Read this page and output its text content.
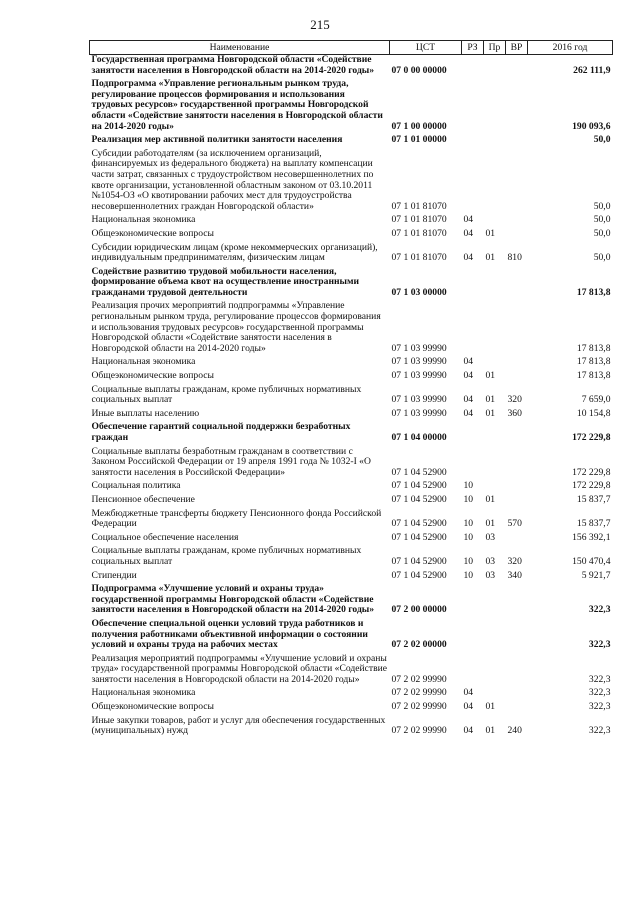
215
Наименование	ЦСТ	РЗ	Пр	ВР	2016 год
Государственная программа Новгородской области «Содействие занятости населения в Новгородской области на 2014-2020 годы»	07 0 00 00000				262 111,9
Подпрограмма «Управление региональным рынком труда, регулирование процессов формирования и использования трудовых ресурсов» государственной программы Новгородской области «Содействие занятости населения в Новгородской области на 2014-2020 годы»	07 1 00 00000				190 093,6
Реализация мер активной политики занятости населения	07 1 01 00000				50,0
Субсидии работодателям (за исключением организаций, финансируемых из федерального бюджета) на выплату компенсации части затрат, связанных с трудоустройством несовершеннолетних по квоте организации, установленной областным законом от 03.10.2011 №1054-ОЗ «О квотировании рабочих мест для трудоустройства несовершеннолетних граждан Новгородской области»	07 1 01 81070				50,0
Национальная экономика	07 1 01 81070	04			50,0
Общеэкономические вопросы	07 1 01 81070	04	01		50,0
Субсидии юридическим лицам (кроме некоммерческих организаций), индивидуальным предпринимателям, физическим лицам	07 1 01 81070	04	01	810	50,0
Содействие развитию трудовой мобильности населения, формирование объема квот на осуществление иностранными гражданами трудовой деятельности	07 1 03 00000				17 813,8
Реализация прочих мероприятий подпрограммы «Управление региональным рынком труда, регулирование процессов формирования и использования трудовых ресурсов» государственной программы Новгородской области «Содействие занятости населения в Новгородской области на 2014-2020 годы»	07 1 03 99990				17 813,8
Национальная экономика	07 1 03 99990	04			17 813,8
Общеэкономические вопросы	07 1 03 99990	04	01		17 813,8
Социальные выплаты гражданам, кроме публичных нормативных социальных выплат	07 1 03 99990	04	01	320	7 659,0
Иные выплаты населению	07 1 03 99990	04	01	360	10 154,8
Обеспечение гарантий социальной поддержки безработных граждан	07 1 04 00000				172 229,8
Социальные выплаты безработным гражданам в соответствии с Законом Российской Федерации от 19 апреля 1991 года № 1032-I «О занятости населения в Российской Федерации»	07 1 04 52900				172 229,8
Социальная политика	07 1 04 52900	10			172 229,8
Пенсионное обеспечение	07 1 04 52900	10	01		15 837,7
Межбюджетные трансферты бюджету Пенсионного фонда Российской Федерации	07 1 04 52900	10	01	570	15 837,7
Социальное обеспечение населения	07 1 04 52900	10	03		156 392,1
Социальные выплаты гражданам, кроме публичных нормативных социальных выплат	07 1 04 52900	10	03	320	150 470,4
Стипендии	07 1 04 52900	10	03	340	5 921,7
Подпрограмма «Улучшение условий и охраны труда» государственной программы Новгородской области «Содействие занятости населения в Новгородской области на 2014-2020 годы»	07 2 00 00000				322,3
Обеспечение специальной оценки условий труда работников и получения работниками объективной информации о состоянии условий и охраны труда на рабочих местах	07 2 02 00000				322,3
Реализация мероприятий подпрограммы «Улучшение условий и охраны труда» государственной программы Новгородской области «Содействие занятости населения в Новгородской области на 2014-2020 годы»	07 2 02 99990				322,3
Национальная экономика	07 2 02 99990	04			322,3
Общеэкономические вопросы	07 2 02 99990	04	01		322,3
Иные закупки товаров, работ и услуг для обеспечения государственных (муниципальных) нужд	07 2 02 99990	04	01	240	322,3
